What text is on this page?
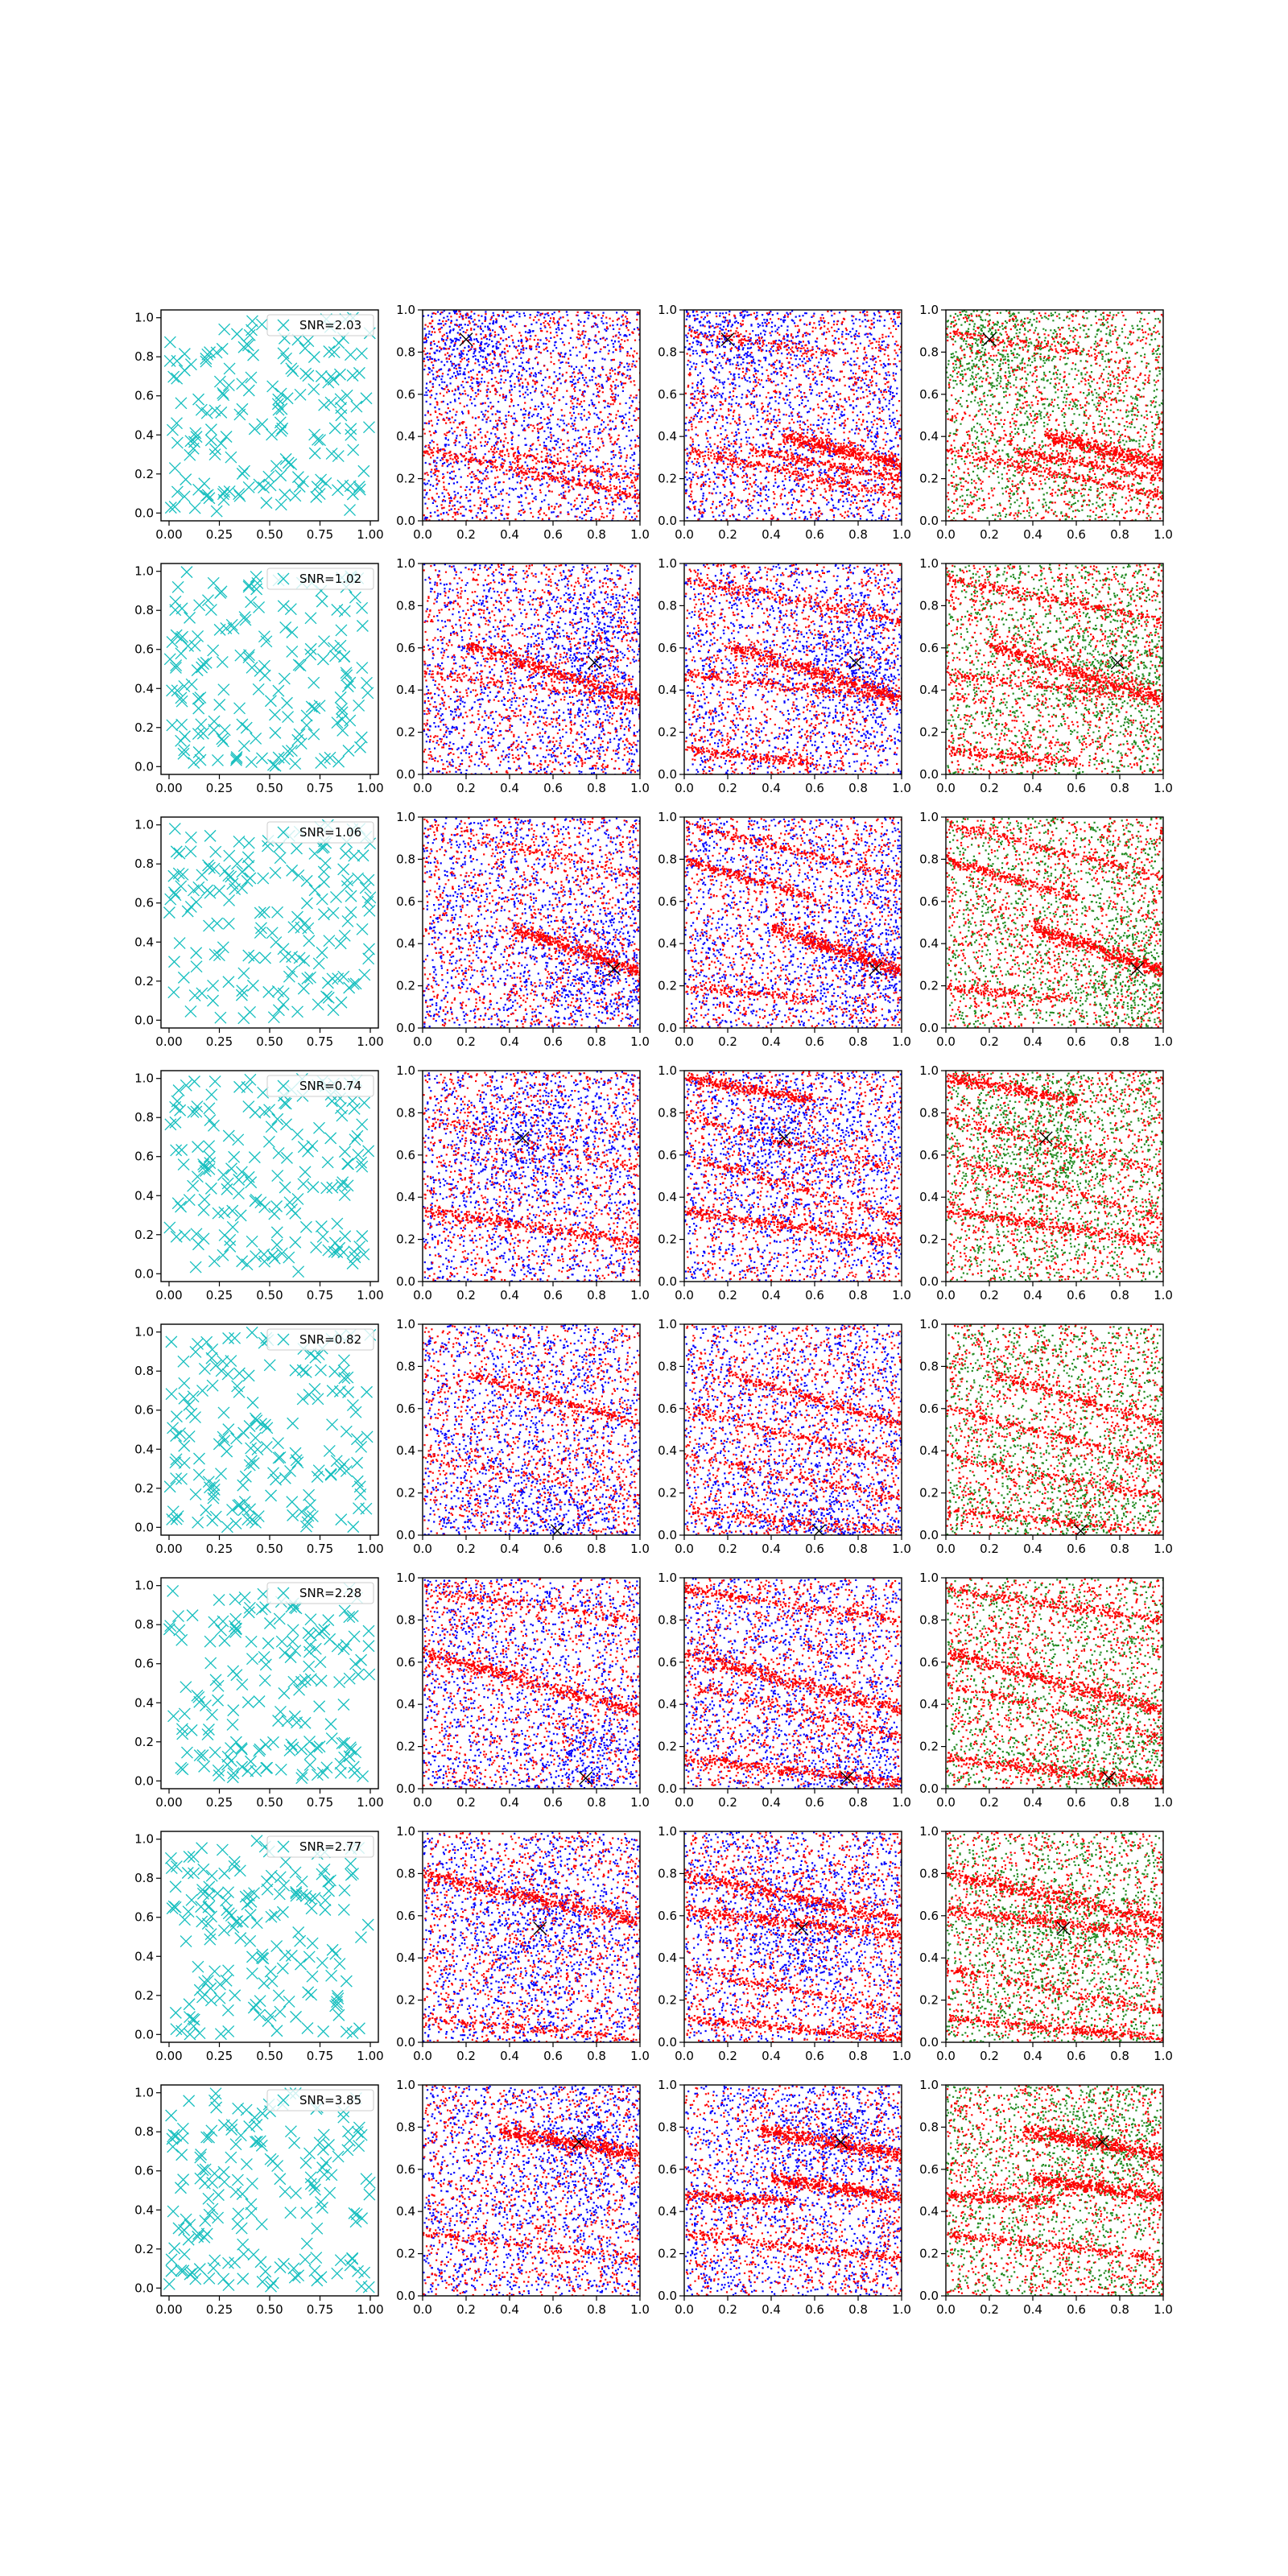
0.00 0.25 0.50 0.75 1.00
0.0
0.2
0.4
0.6
0.8
1.0
SNR=2.03
0.0 0.2 0.4 0.6 0.8 1.0
0.0
0.2
0.4
0.6
0.8
1.0
0.0 0.2 0.4 0.6 0.8 1.0
0.0
0.2
0.4
0.6
0.8
1.0
0.0 0.2 0.4 0.6 0.8 1.0
0.0
0.2
0.4
0.6
0.8
1.0
0.00 0.25 0.50 0.75 1.00
0.0
0.2
0.4
0.6
0.8
1.0
SNR=1.02
0.0 0.2 0.4 0.6 0.8 1.0
0.0
0.2
0.4
0.6
0.8
1.0
0.0 0.2 0.4 0.6 0.8 1.0
0.0
0.2
0.4
0.6
0.8
1.0
0.0 0.2 0.4 0.6 0.8 1.0
0.0
0.2
0.4
0.6
0.8
1.0
0.00 0.25 0.50 0.75 1.00
0.0
0.2
0.4
0.6
0.8
1.0
SNR=1.06
0.0 0.2 0.4 0.6 0.8 1.0
0.0
0.2
0.4
0.6
0.8
1.0
0.0 0.2 0.4 0.6 0.8 1.0
0.0
0.2
0.4
0.6
0.8
1.0
0.0 0.2 0.4 0.6 0.8 1.0
0.0
0.2
0.4
0.6
0.8
1.0
0.00 0.25 0.50 0.75 1.00
0.0
0.2
0.4
0.6
0.8
1.0
SNR=0.74
0.0 0.2 0.4 0.6 0.8 1.0
0.0
0.2
0.4
0.6
0.8
1.0
0.0 0.2 0.4 0.6 0.8 1.0
0.0
0.2
0.4
0.6
0.8
1.0
0.0 0.2 0.4 0.6 0.8 1.0
0.0
0.2
0.4
0.6
0.8
1.0
0.00 0.25 0.50 0.75 1.00
0.0
0.2
0.4
0.6
0.8
1.0
SNR=0.82
0.0 0.2 0.4 0.6 0.8 1.0
0.0
0.2
0.4
0.6
0.8
1.0
0.0 0.2 0.4 0.6 0.8 1.0
0.0
0.2
0.4
0.6
0.8
1.0
0.0 0.2 0.4 0.6 0.8 1.0
0.0
0.2
0.4
0.6
0.8
1.0
0.00 0.25 0.50 0.75 1.00
0.0
0.2
0.4
0.6
0.8
1.0
SNR=2.28
0.0 0.2 0.4 0.6 0.8 1.0
0.0
0.2
0.4
0.6
0.8
1.0
0.0 0.2 0.4 0.6 0.8 1.0
0.0
0.2
0.4
0.6
0.8
1.0
0.0 0.2 0.4 0.6 0.8 1.0
0.0
0.2
0.4
0.6
0.8
1.0
0.00 0.25 0.50 0.75 1.00
0.0
0.2
0.4
0.6
0.8
1.0
SNR=2.77
0.0 0.2 0.4 0.6 0.8 1.0
0.0
0.2
0.4
0.6
0.8
1.0
0.0 0.2 0.4 0.6 0.8 1.0
0.0
0.2
0.4
0.6
0.8
1.0
0.0 0.2 0.4 0.6 0.8 1.0
0.0
0.2
0.4
0.6
0.8
1.0
0.00 0.25 0.50 0.75 1.00
0.0
0.2
0.4
0.6
0.8
1.0
SNR=3.85
0.0 0.2 0.4 0.6 0.8 1.0
0.0
0.2
0.4
0.6
0.8
1.0
0.0 0.2 0.4 0.6 0.8 1.0
0.0
0.2
0.4
0.6
0.8
1.0
0.0 0.2 0.4 0.6 0.8 1.0
0.0
0.2
0.4
0.6
0.8
1.0
